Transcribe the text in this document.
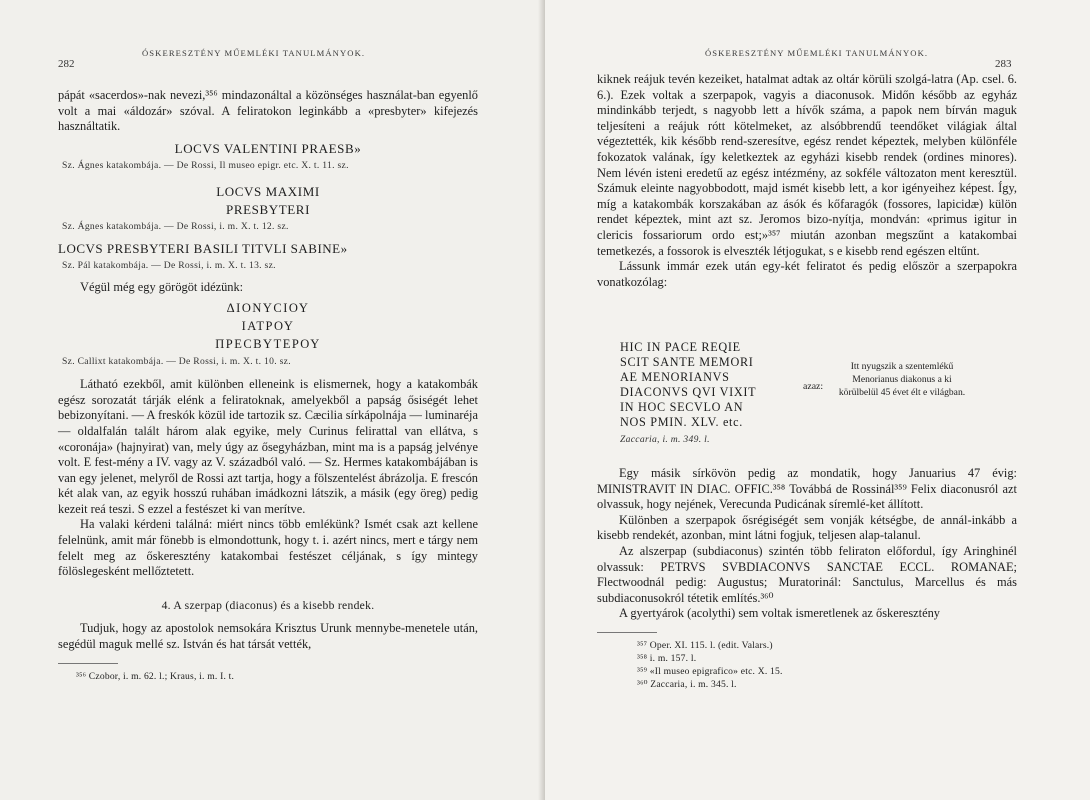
ÓSKERESZTÉNY MŰEMLÉKI TANULMÁNYOK.
282

pápát «sacerdos»-nak nevezi,³⁵⁶ mindazonáltal a közönséges használat-ban egyenlő volt a mai «áldozár» szóval. A feliratokon leginkább a «presbyter» kifejezés használtatik.

LOCVS VALENTINI PRAESB»
Sz. Ágnes katakombája. — De Rossi, Il museo epigr. etc. X. t. 11. sz.
LOCVS MAXIMI
PRESBYTERI
Sz. Ágnes katakombája. — De Rossi, i. m. X. t. 12. sz.
LOCVS PRESBYTERI BASILI TITVLI SABINE»
Sz. Pál katakombája. — De Rossi, i. m. X. t. 13. sz.

Végül még egy görögöt idézünk:

ΔΙΟΝΥCΙΟΥ
ΙΑΤΡΟΥ
ΠΡΕCΒΥΤΕΡΟΥ
Sz. Callixt katakombája. — De Rossi, i. m. X. t. 10. sz.

Látható ezekből, amit különben elleneink is elismernek, hogy a katakombák egész sorozatát tárják elénk a feliratoknak, amelyekből a papság ősiségét lehet bebizonyítani. — A freskók közül ide tartozik sz. Cæcilia sírkápolnája — luminaréja — oldalfalán talált három alak egyike, mely Curinus felirattal van ellátva, s «coronája» (hajnyirat) van, mely úgy az ősegyházban, mint ma is a papság jelvénye volt. E fest-mény a IV. vagy az V. századból való. — Sz. Hermes katakombájában is van egy jelenet, melyről de Rossi azt tartja, hogy a fölszentelést ábrázolja. E frescón két alak van, az egyik hosszú ruhában imádkozni látszik, a másik (egy öreg) pedig kezeit reá teszi. S ezzel a festészet ki van merítve.

Ha valaki kérdeni találná: miért nincs több emlékünk? Ismét csak azt kellene felelnünk, amit már fönebb is elmondottunk, hogy t. i. azért nincs, mert e tárgy nem felelt meg az őskeresztény katakombai festészet céljának, s így mintegy fölöslegesként mellőztetett.

4. A szerpap (diaconus) és a kisebb rendek.

Tudjuk, hogy az apostolok nemsokára Krisztus Urunk mennybe-menetele után, segédül maguk mellé sz. István és hat társát vették,

³⁵⁶ Czobor, i. m. 62. l.; Kraus, i. m. I. t.
ÓSKERESZTÉNY MŰEMLÉKI TANULMÁNYOK.
283

kiknek reájuk tevén kezeiket, hatalmat adtak az oltár körüli szolgá-latra (Ap. csel. 6. 6.). Ezek voltak a szerpapok, vagyis a diaconusok. Midőn később az egyház mindinkább terjedt, s nagyobb lett a hívők száma, a papok nem bírván maguk teljesíteni a reájuk rótt kötelmeket, az alsóbbrendű teendőket világiak által végeztették, kik később rend-szeresítve, egész rendet képeztek, melyben különféle fokozatok valának, így keletkeztek az egyházi kisebb rendek (ordines minores). Nem lévén isteni eredetű az egész intézmény, az sokféle változaton ment keresztül. Számuk eleinte nagyobbodott, majd ismét kisebb lett, a kor igényeihez képest. Így, míg a katakombák korszakában az ásók és kőfaragók (fossores, lapicidæ) külön rendet képeztek, mint azt sz. Jeromos bizo-nyítja, mondván: «primus igitur in clericis fossariorum ordo est;»³⁵⁷ miután azonban megszűnt a katakombai temetkezés, a fossorok is elveszték létjogukat, s e kisebb rend egészen eltűnt.

Lássunk immár ezek után egy-két feliratot és pedig először a szerpapokra vonatkozólag:

HIC IN PACE REQIE
SCIT SANTE MEMORI
AE MENORIANVS
DIACONVS QVI VIXIT
IN HOC SECVLO AN
NOS PMIN. XLV. etc.
Zaccaria, i. m. 349. l.
azaz:
Itt nyugszik a szentemlékű Menorianus diakonus a ki körülbelül 45 évet élt e világban.

Egy másik sírkövön pedig az mondatik, hogy Januarius 47 évig: MINISTRAVIT IN DIAC. OFFIC.³⁵⁸ Továbbá de Rossinál³⁵⁹ Felix diaconusról azt olvassuk, hogy nejének, Verecunda Pudicának síremlé-ket állított.

Különben a szerpapok ősrégiségét sem vonják kétségbe, de annál-inkább a kisebb rendekét, azonban, mint látni fogjuk, teljesen alap-talanul.

Az alszerpap (subdiaconus) szintén több feliraton előfordul, így Aringhinél olvassuk: PETRVS SVBDIACONVS SANCTAE ECCL. ROMANAE; Flectwoodnál pedig: Augustus; Muratorinál: Sanctulus, Marcellus és más subdiaconusokról tétetik említés.³⁶⁰

A gyertyárok (acolythi) sem voltak ismeretlenek az őskeresztény

³⁵⁷ Oper. XI. 115. l. (edit. Valars.)
³⁵⁸ i. m. 157. l.
³⁵⁹ «Il museo epigrafico» etc. X. 15.
³⁶⁰ Zaccaria, i. m. 345. l.
